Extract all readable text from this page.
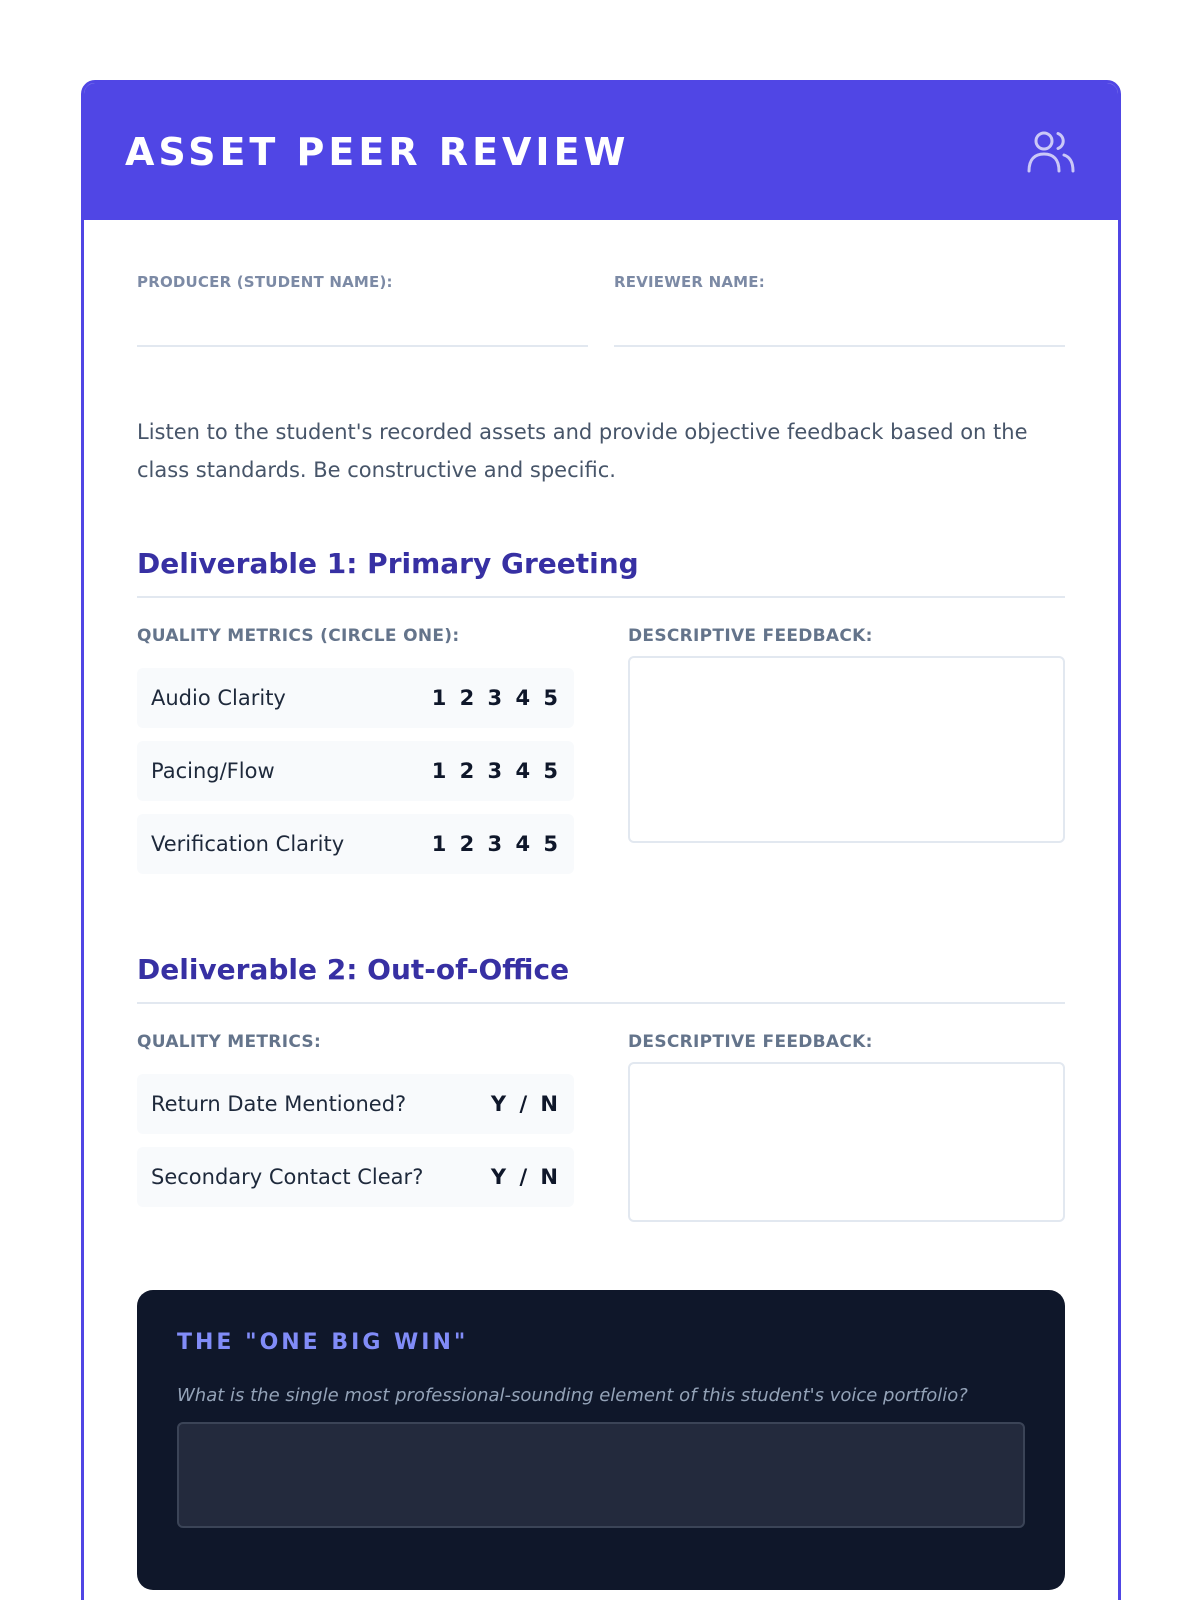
ASSET PEER REVIEW
PRODUCER (STUDENT NAME):	REVIEWER NAME:

Listen to the student's recorded assets and provide objective feedback based on the class standards. Be constructive and specific.

Deliverable 1: Primary Greeting
QUALITY METRICS (CIRCLE ONE):
Audio Clarity	1 2 3 4 5
Pacing/Flow	1 2 3 4 5
Verification Clarity	1 2 3 4 5
DESCRIPTIVE FEEDBACK:
Deliverable 2: Out-of-Office
QUALITY METRICS:
Return Date Mentioned?	Y / N
Secondary Contact Clear?	Y / N
DESCRIPTIVE FEEDBACK:
THE "ONE BIG WIN"

What is the single most professional-sounding element of this student's voice portfolio?
